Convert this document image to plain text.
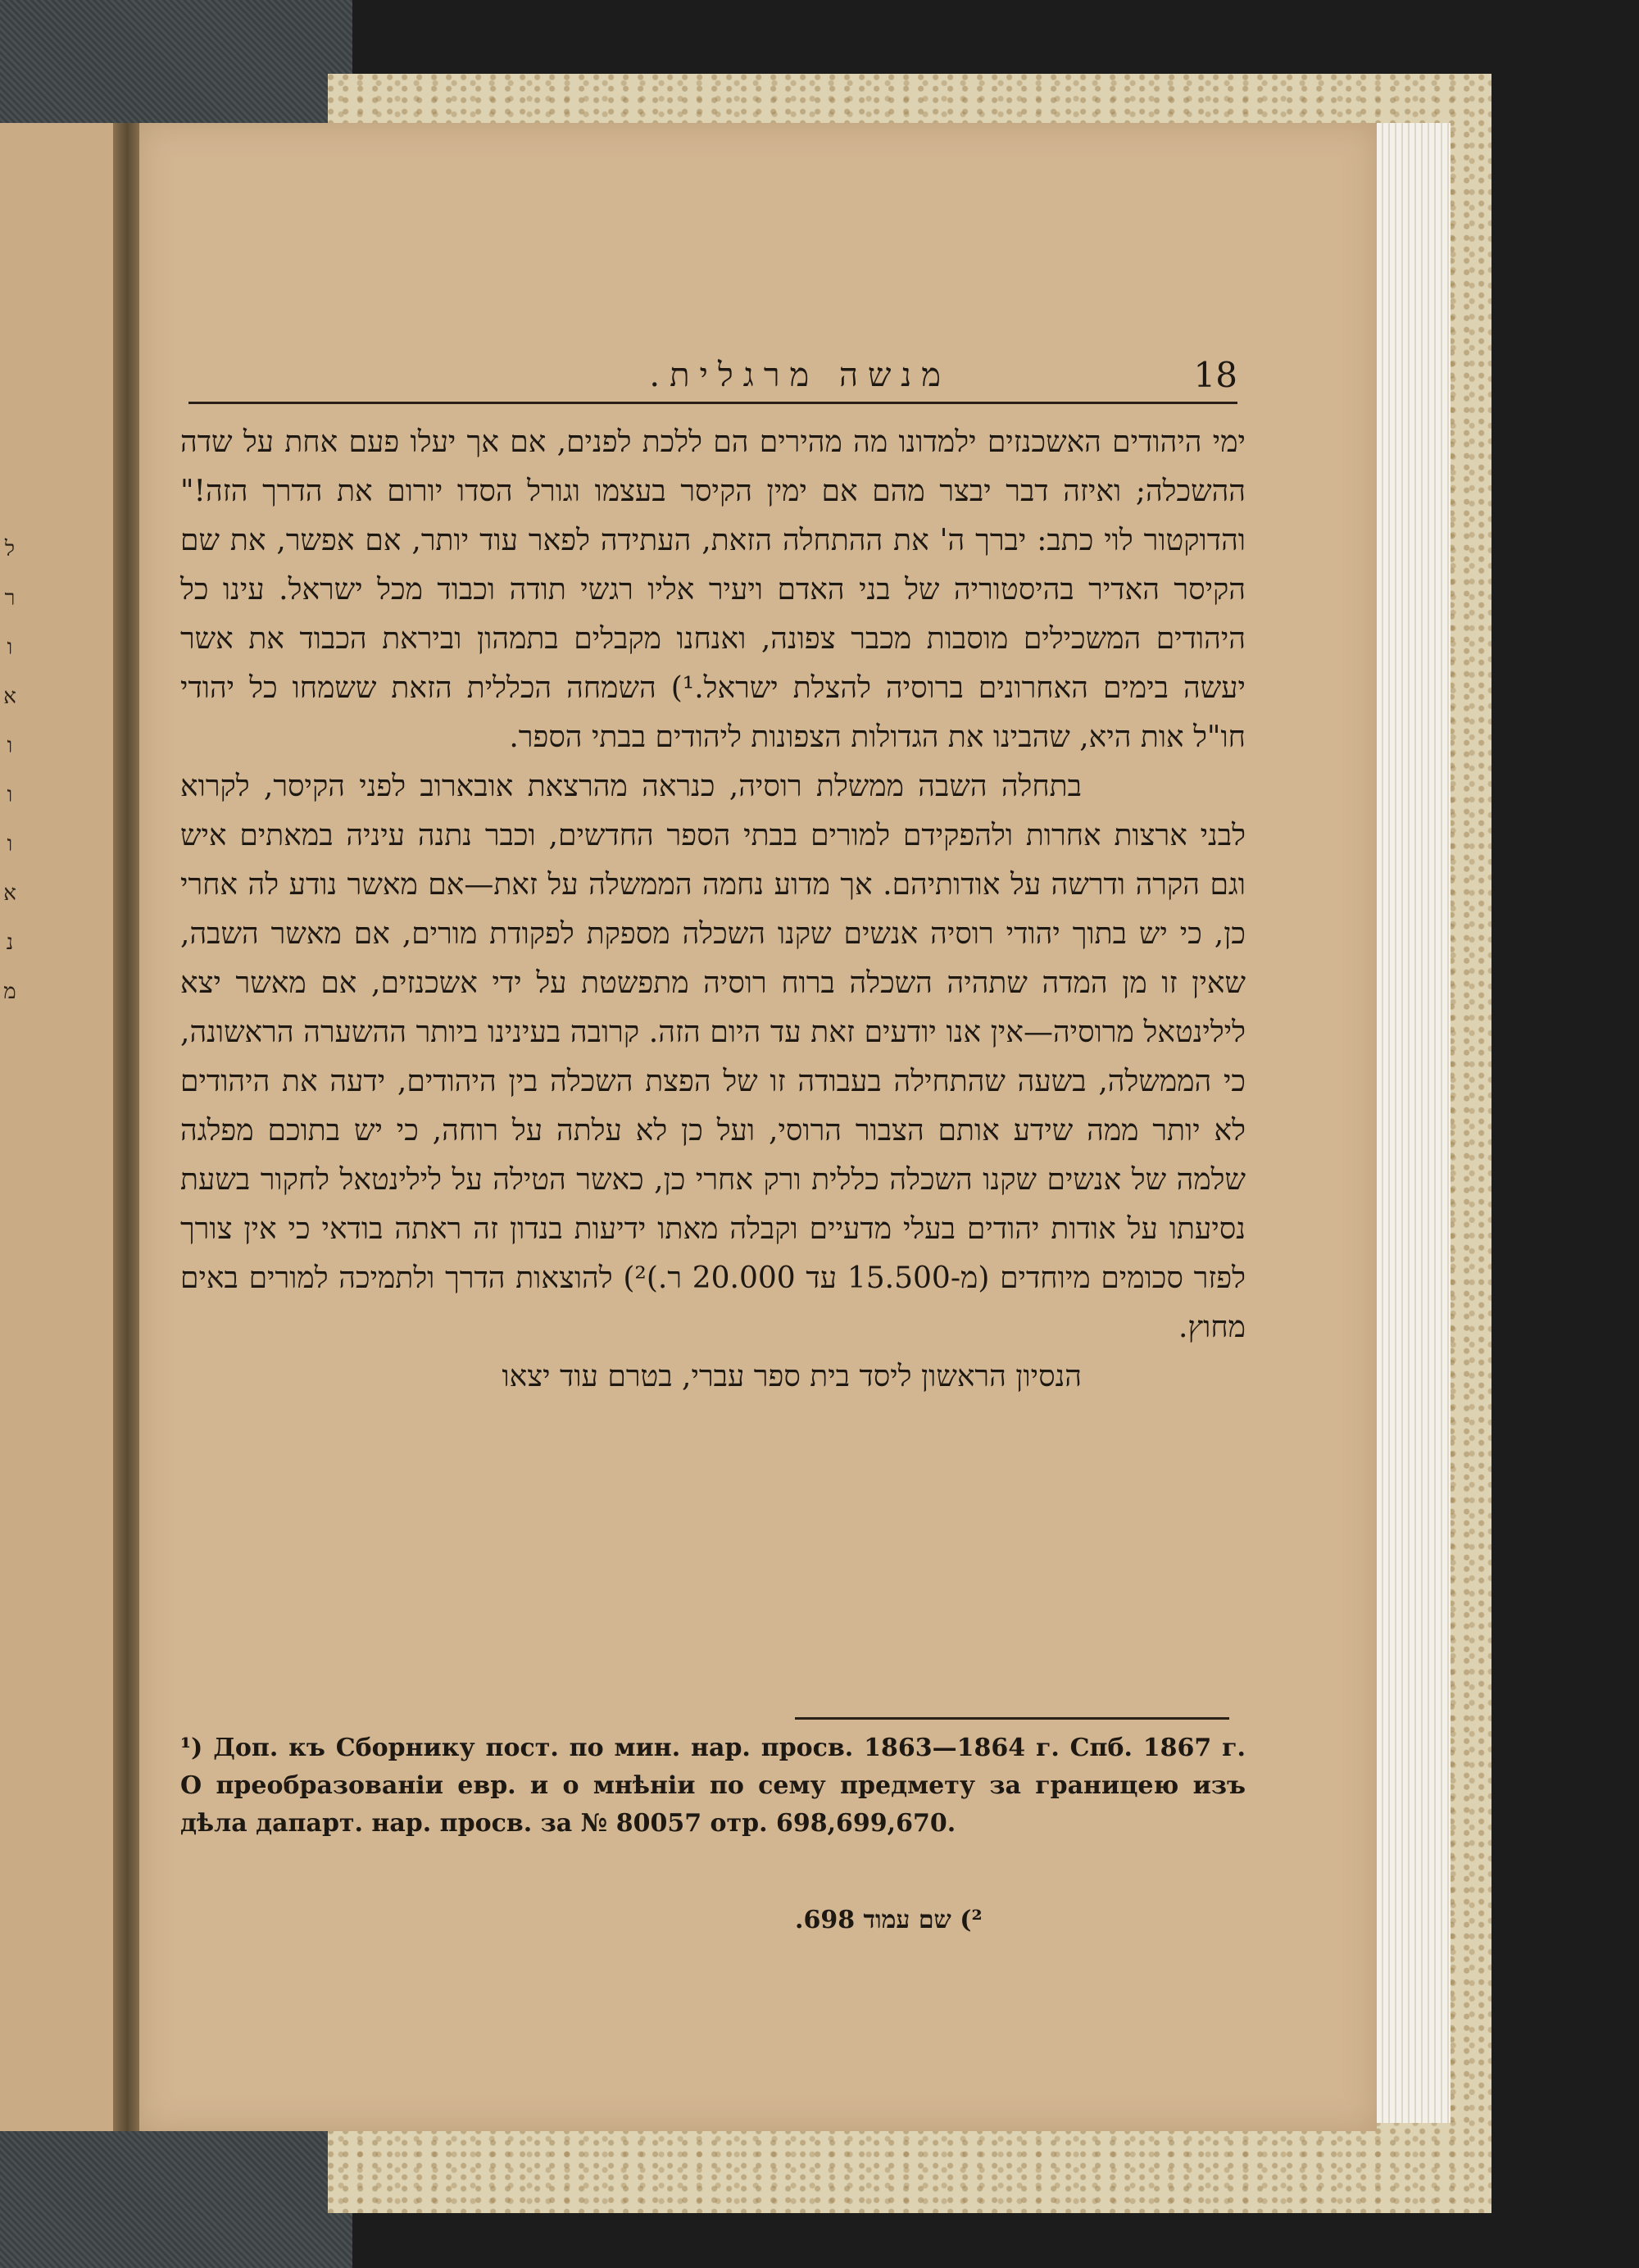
ל
ר
ו
א
ו
ו
ו
א
נ
מ
18
מנשה מרגלית.

ימי היהודים האשכנזים ילמדונו מה מהירים הם ללכת לפנים, אם אך יעלו פעם אחת על שדה ההשכלה; ואיזה דבר יבצר מהם אם ימין הקיסר בעצמו וגורל הסדו יורום את הדרך הזה!" והדוקטור לוי כתב: יברך ה' את ההתחלה הזאת, העתידה לפאר עוד יותר, אם אפשר, את שם הקיסר האדיר בהיסטוריה של בני האדם ויעיר אליו רגשי תודה וכבוד מכל ישראל. עינו כל היהודים המשכילים מוסבות מכבר צפונה, ואנחנו מקבלים בתמהון וביראת הכבוד את אשר יעשה בימים האחרונים ברוסיה להצלת ישראל.¹) השמחה הכללית הזאת ששמחו כל יהודי חו"ל אות היא, שהבינו את הגדולות הצפונות ליהודים בבתי הספר.

בתחלה השבה ממשלת רוסיה, כנראה מהרצאת אובארוב לפני הקיסר, לקרוא לבני ארצות אחרות ולהפקידם למורים בבתי הספר החדשים, וכבר נתנה עיניה במאתים איש וגם הקרה ודרשה על אודותיהם. אך מדוע נחמה הממשלה על זאת—אם מאשר נודע לה אחרי כן, כי יש בתוך יהודי רוסיה אנשים שקנו השכלה מספקת לפקודת מורים, אם מאשר השבה, שאין זו מן המדה שתהיה השכלה ברוח רוסיה מתפשטת על ידי אשכנזים, אם מאשר יצא לילינטאל מרוסיה—אין אנו יודעים זאת עד היום הזה. קרובה בעינינו ביותר ההשערה הראשונה, כי הממשלה, בשעה שהתחילה בעבודה זו של הפצת השכלה בין היהודים, ידעה את היהודים לא יותר ממה שידע אותם הצבור הרוסי, ועל כן לא עלתה על רוחה, כי יש בתוכם מפלגה שלמה של אנשים שקנו השכלה כללית ורק אחרי כן, כאשר הטילה על לילינטאל לחקור בשעת נסיעתו על אודות יהודים בעלי מדעיים וקבלה מאתו ידיעות בנדון זה ראתה בודאי כי אין צורך לפזר סכומים מיוחדים (מ-15.500 עד 20.000 ר.)²) להוצאות הדרך ולתמיכה למורים באים מחוץ.

הנסיון הראשון ליסד בית ספר עברי, בטרם עוד יצאו

¹) Доп. къ Сборнику пост. по мин. нар. просв. 1863—1864 г. Спб. 1867 г. О преобразованіи евр. и о мнѣніи по сему предмету за границею изъ дѣла дапарт. нар. просв. за № 80057 отр. 698,699,670.
²) שם עמוד 698.
